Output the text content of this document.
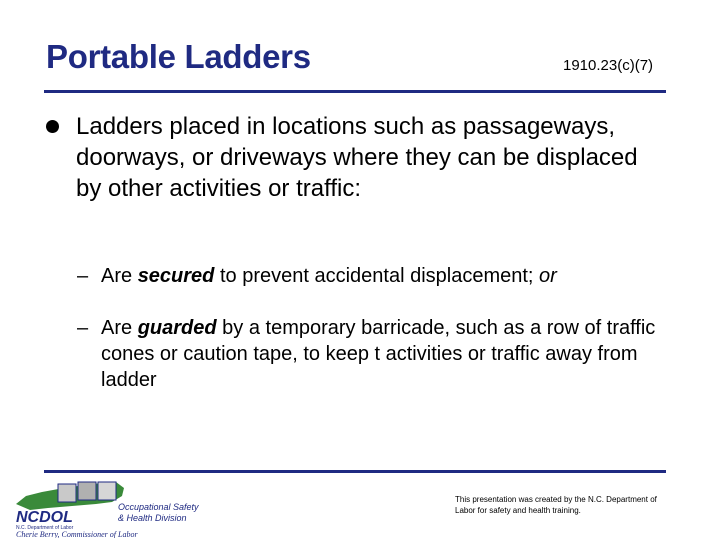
Portable Ladders	1910.23(c)(7)
Ladders placed in locations such as passageways, doorways, or driveways where they can be displaced by other activities or traffic:
– Are secured to prevent accidental displacement; or
– Are guarded by a temporary barricade, such as a row of traffic cones or caution tape, to keep t activities or traffic away from ladder
NCDOL
N.C. Department of Labor
Occupational Safety
& Health Division
Cherie Berry, Commissioner of Labor
This presentation was created by the N.C. Department of Labor for safety and health training.
